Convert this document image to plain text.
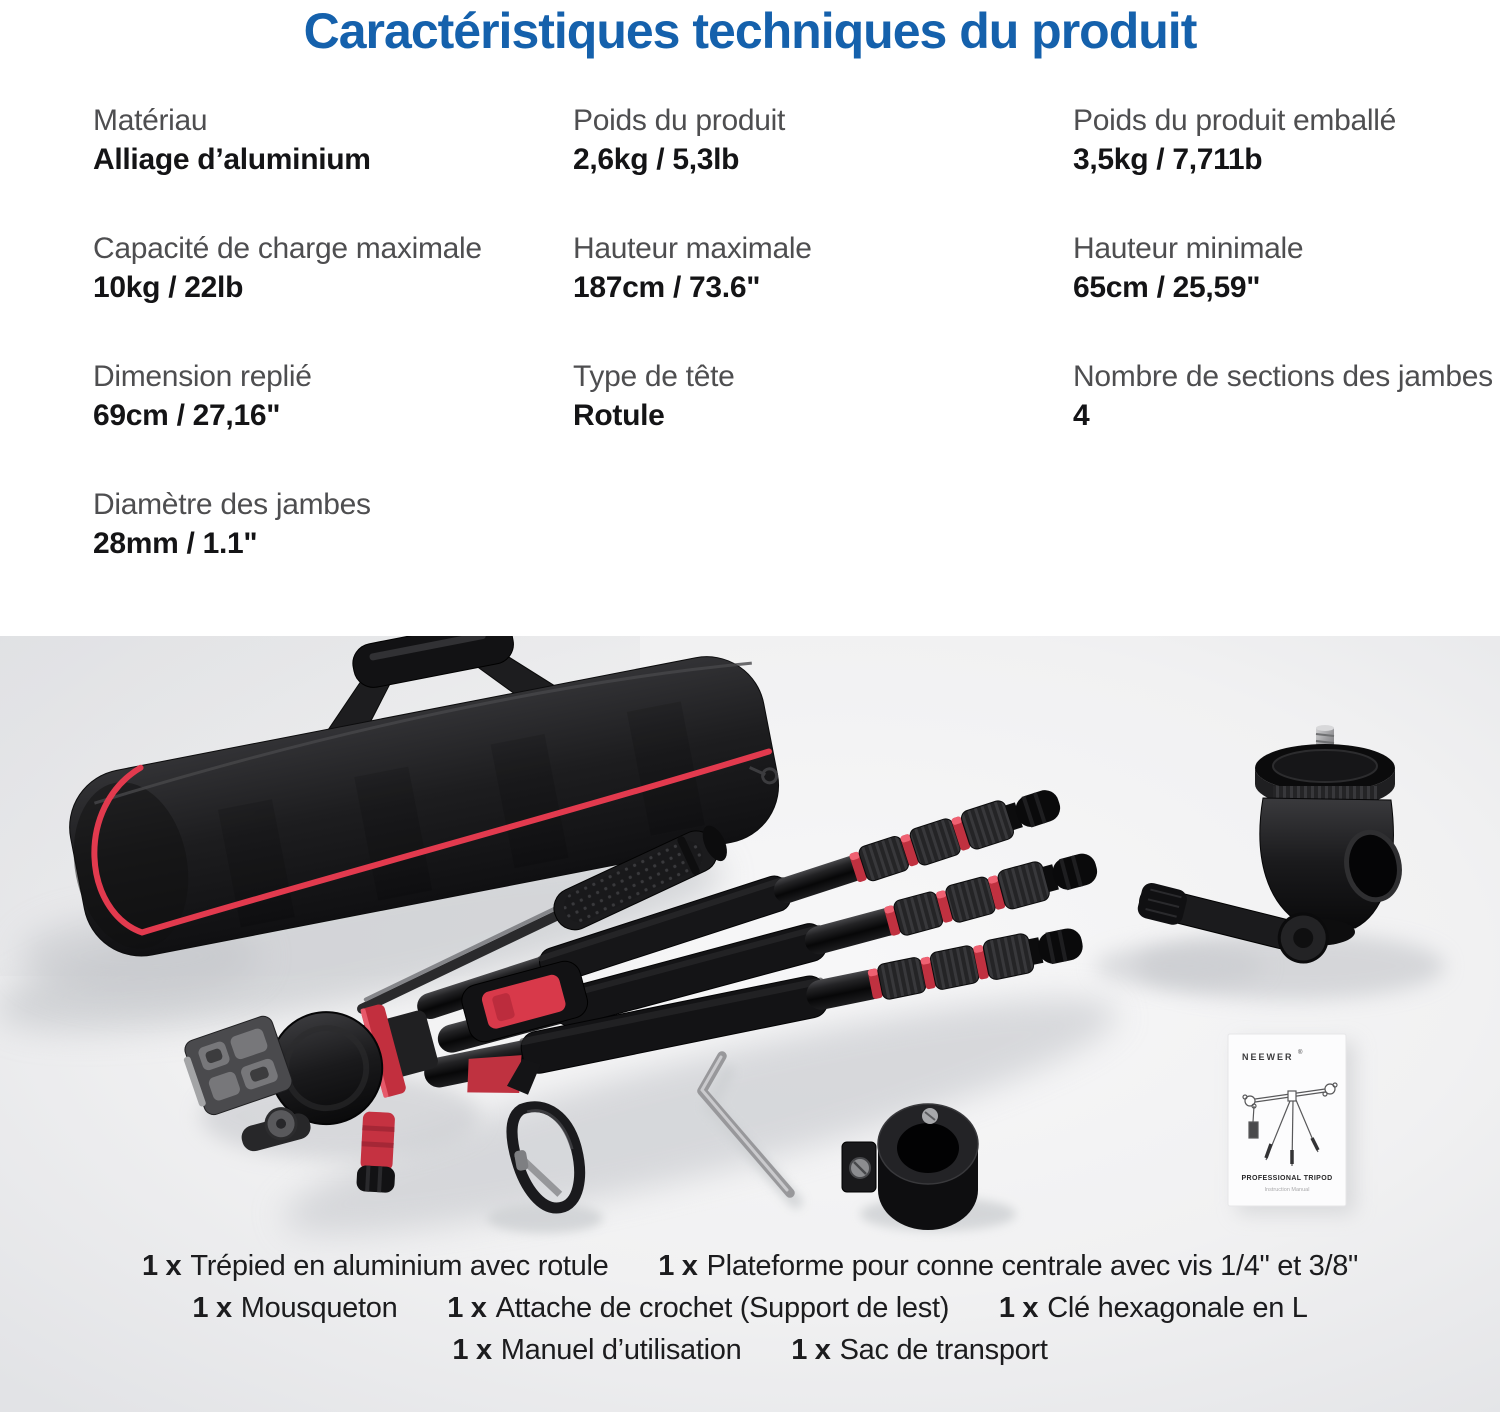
Caractéristiques techniques du produit
Matériau
Alliage d’aluminium
Capacité de charge maximale
10kg / 22lb
Dimension replié
69cm / 27,16"
Diamètre des jambes
28mm / 1.1"
Poids du produit
2,6kg / 5,3lb
Hauteur maximale
187cm / 73.6"
Type de tête
Rotule
Poids du produit emballé
3,5kg / 7,711b
Hauteur minimale
65cm / 25,59"
Nombre de sections des jambes
4
NEEWER ®
PROFESSIONAL TRIPOD
Instruction Manual
1 x Trépied en aluminium avec rotule 1 x Plateforme pour conne centrale avec vis 1/4" et 3/8"
1 x Mousqueton 1 x Attache de crochet (Support de lest) 1 x Clé hexagonale en L
1 x Manuel d’utilisation 1 x Sac de transport
